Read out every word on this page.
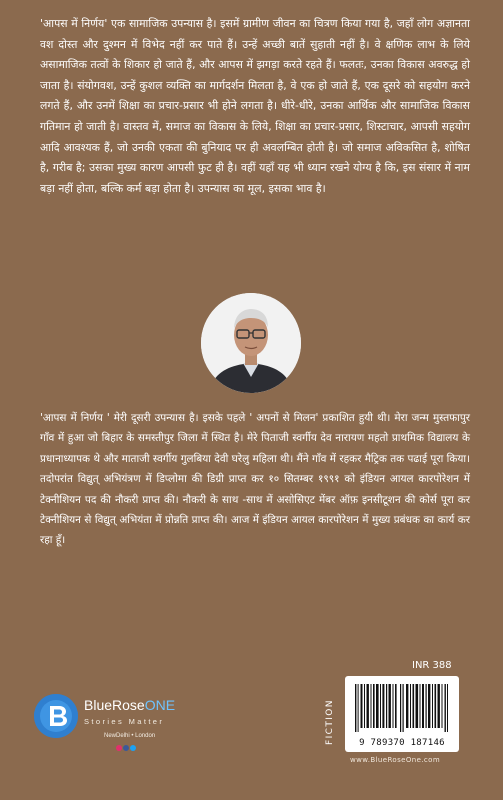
'आपस में निर्णय' एक सामाजिक उपन्यास है। इसमें ग्रामीण जीवन का चित्रण किया गया है, जहाँ लोग अज्ञानता वश दोस्त और दुश्मन में विभेद नहीं कर पाते हैं। उन्हें अच्छी बातें सुहाती नहीं है। वे क्षणिक लाभ के लिये असामाजिक तत्वों के शिकार हो जाते हैं, और आपस में झगड़ा करते रहते हैं। फलतः, उनका विकास अवरुद्ध हो जाता है। संयोगवश, उन्हें कुशल व्यक्ति का मार्गदर्शन मिलता है, वे एक हो जाते हैं, एक दूसरे को सहयोग करने लगते हैं, और उनमें शिक्षा का प्रचार-प्रसार भी होने लगता है। धीरे-धीरे, उनका आर्थिक और सामाजिक विकास गतिमान हो जाती है। वास्तव में, समाज का विकास के लिये, शिक्षा का प्रचार-प्रसार, शिस्टाचार, आपसी सहयोग आदि आवश्यक हैं, जो उनकी एकता की बुनियाद पर ही अवलम्बित होती है। जो समाज अविकसित है, शोषित है, गरीब है; उसका मुख्य कारण आपसी फुट ही है। वहीं यहाँ यह भी ध्यान रखने योग्य है कि, इस संसार में नाम बड़ा नहीं होता, बल्कि कर्म बड़ा होता है। उपन्यास का मूल, इसका भाव है।

'आपस में निर्णय ' मेरी दूसरी उपन्यास है। इसके पहले ' अपनों से मिलन' प्रकाशित हुयी थी। मेरा जन्म मुस्तफापुर गाँव में हुआ जो बिहार के समस्तीपुर जिला में स्थित है। मेरे पिताजी स्वर्गीय देव नारायण महतो प्राथमिक विद्यालय के प्रधानाध्यापक थे और माताजी स्वर्गीय गुलबिया देवी घरेलु महिला थी। मैंने गाँव में रहकर मैट्रिक तक पढाई पूरा किया। तदोपरांत विद्युत् अभियंत्रण में डिप्लोमा की डिग्री प्राप्त कर १० सितम्बर १९९१ को इंडियन आयल कारपोरेशन में टेक्नीशियन पद की नौकरी प्राप्त की। नौकरी के साथ -साथ में असोसिएट मेंबर ऑफ़ इनसीटूशन की कोर्स पूरा कर टेक्नीशियन से विद्युत् अभियंता में प्रोन्नति प्राप्त की। आज में इंडियन आयल कारपोरेशन में मुख्य प्रबंधक का कार्य कर रहा हूँ।

INR 388
FICTION	9 789370 187146
www.BlueRoseOne.com
BlueRoseONE
Stories Matter
NewDelhi • London
